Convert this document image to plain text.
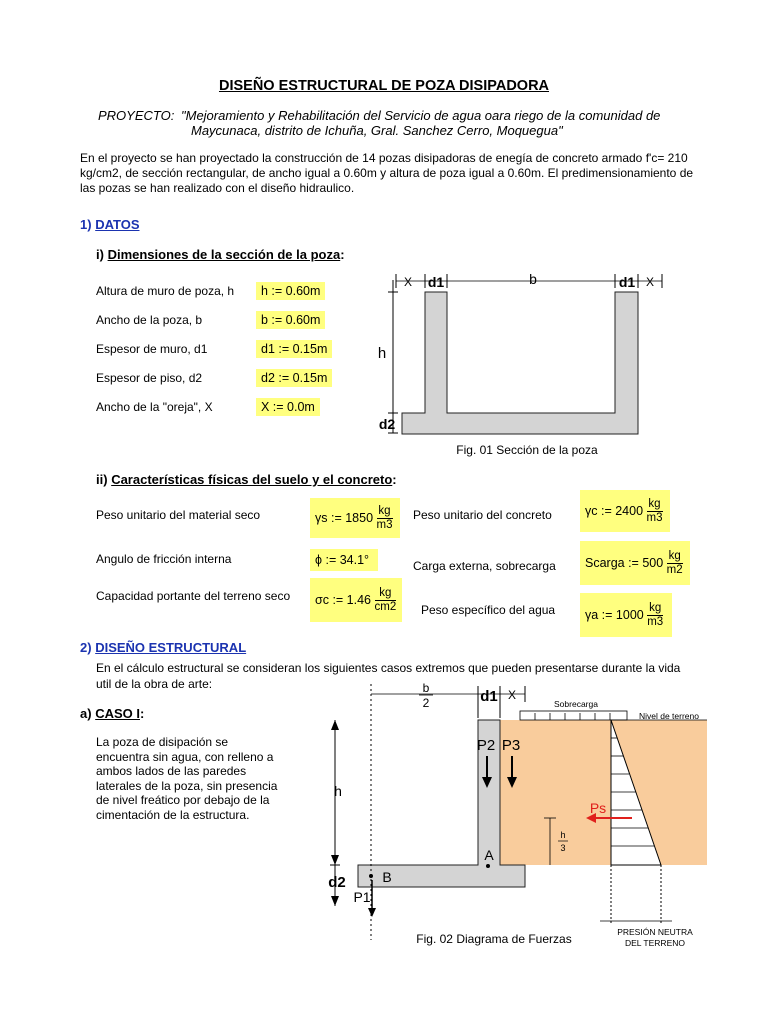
DISEÑO ESTRUCTURAL DE POZA DISIPADORA
PROYECTO: "Mejoramiento y Rehabilitación del Servicio de agua oara riego de la comunidad de
Maycunaca, distrito de Ichuña, Gral. Sanchez Cerro, Moquegua"
En el proyecto se han proyectado la construcción de 14 pozas disipadoras de enegía de concreto armado f'c= 210
kg/cm2, de sección rectangular, de ancho igual a 0.60m y altura de poza igual a 0.60m. El predimensionamiento de
las pozas se han realizado con el diseño hidraulico.
1) DATOS
i) Dimensiones de la sección de la poza:
Altura de muro de poza, h	h := 0.60m
Ancho de la poza, b	b := 0.60m
Espesor de muro, d1	d1 := 0.15m
Espesor de piso, d2	d2 := 0.15m
Ancho de la "oreja", X	X := 0.0m
X d1	b	d1 X
h
d2
Fig. 01 Sección de la poza
ii) Características físicas del suelo y el concreto:
Peso unitario del material seco	γs := 1850
$\frac{kg}{m3}$
Angulo de fricción interna	ϕ := 34.1°
Capacidad portante del terreno seco σc := 1.46
$\frac{kg}{cm2}$
Peso unitario del concreto	γc := 2400
$\frac{kg}{m3}$
Carga externa, sobrecarga Scarga := 500
$\frac{kg}{m2}$
Peso específico del agua γa := 1000
$\frac{kg}{m3}$
2) DISEÑO ESTRUCTURAL
En el cálculo estructural se consideran los siguientes casos extremos que pueden presentarse durante la vida
util de la obra de arte:
a) CASO I:
La poza de disipación se
encuentra sin agua, con relleno a
ambos lados de las paredes
laterales de la poza, sin presencia
de nivel freático por debajo de la
cimentación de la estructura.
h
d2
b
2	d1 X
Sobrecarga
Nivel de terreno
P2 P3
Ps
h
3
A
B
P1
PRESIÓN NEUTRA
DEL TERRENO
Fig. 02 Diagrama de Fuerzas
